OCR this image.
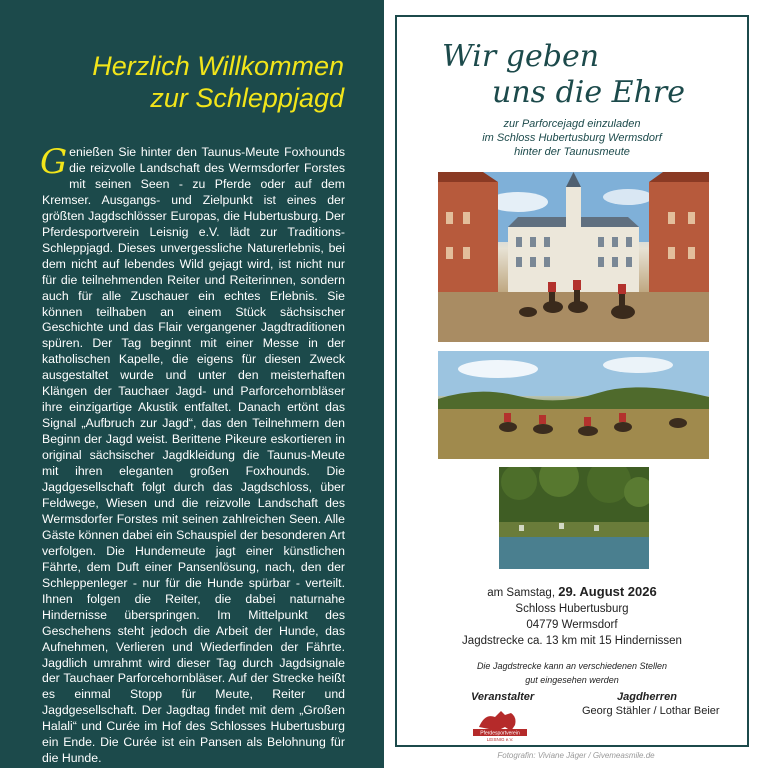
Herzlich Willkommen
zur Schleppjagd
G enießen Sie hinter den Taunus-Meute Foxhounds die reizvolle Landschaft des Wermsdorfer Forstes mit seinen Seen - zu Pferde oder auf dem Kremser. Ausgangs- und Zielpunkt ist eines der größten Jagdschlösser Europas, die Hubertusburg. Der Pferdesportverein Leisnig e.V. lädt zur Traditions-Schleppjagd. Dieses unvergessliche Naturerlebnis, bei dem nicht auf lebendes Wild gejagt wird, ist nicht nur für die teilnehmenden Reiter und Reiterinnen, sondern auch für alle Zuschauer ein echtes Erlebnis. Sie können teilhaben an einem Stück sächsischer Geschichte und das Flair vergangener Jagdtraditionen spüren. Der Tag beginnt mit einer Messe in der katholischen Kapelle, die eigens für diesen Zweck ausgestaltet wurde und unter den meisterhaften Klängen der Tauchaer Jagd- und Parforcehornbläser ihre einzigartige Akustik entfaltet. Danach ertönt das Signal „Aufbruch zur Jagd“, das den Teilnehmern den Beginn der Jagd weist. Berittene Pikeure eskortieren in original sächsischer Jagdkleidung die Taunus-Meute mit ihren eleganten großen Foxhounds. Die Jagdgesellschaft folgt durch das Jagdschloss, über Feldwege, Wiesen und die reizvolle Landschaft des Wermsdorfer Forstes mit seinen zahlreichen Seen. Alle Gäste können dabei ein Schauspiel der besonderen Art verfolgen. Die Hundemeute jagt einer künstlichen Fährte, dem Duft einer Pansenlösung, nach, den der Schleppenleger - nur für die Hunde spürbar - verteilt. Ihnen folgen die Reiter, die dabei naturnahe Hindernisse überspringen. Im Mittelpunkt des Geschehens steht jedoch die Arbeit der Hunde, das Aufnehmen, Verlieren und Wiederfinden der Fährte. Jagdlich umrahmt wird dieser Tag durch Jagdsignale der Tauchaer Parforcehornbläser. Auf der Strecke heißt es einmal Stopp für Meute, Reiter und Jagdgesellschaft. Der Jagdtag findet mit dem „Großen Halali“ und Curée im Hof des Schlosses Hubertusburg ein Ende. Die Curée ist ein Pansen als Belohnung für die Hunde.

Wir geben
uns die Ehre
zur Parforcejagd einzuladen
im Schloss Hubertusburg Wermsdorf
hinter der Taunusmeute
am Samstag, 29. August 2026
Schloss Hubertusburg
04779 Wermsdorf
Jagdstrecke ca. 13 km mit 15 Hindernissen
Die Jagdstrecke kann an verschiedenen Stellen
gut eingesehen werden
Veranstalter	Jagdherren
Georg Stähler / Lothar Beier
Pferdesportverein
LEISNIG e.V.
Fotografin: Viviane Jäger / Givemeasmile.de
